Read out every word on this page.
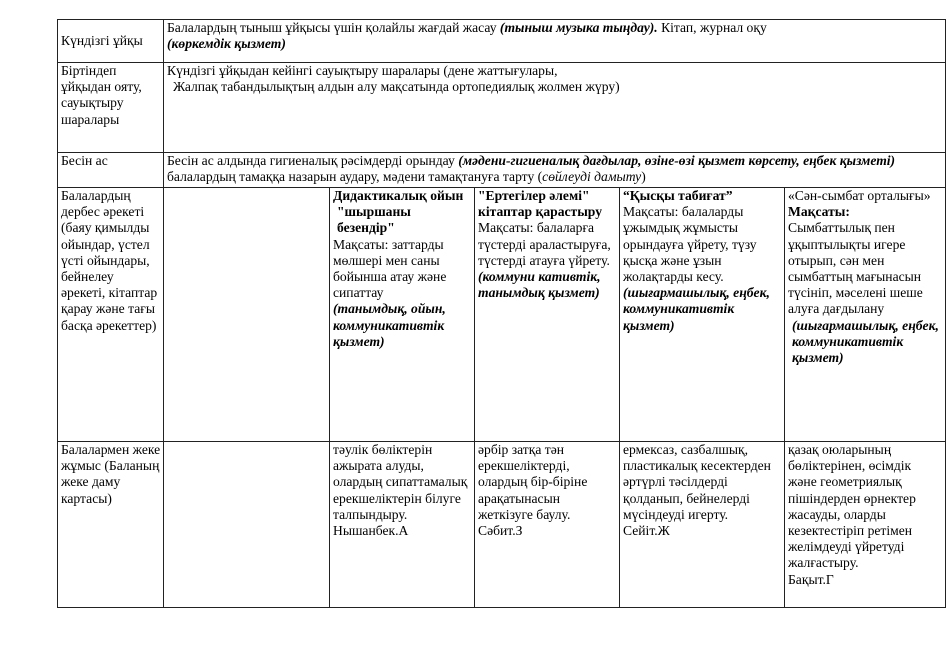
Күндізгі ұйқы	Балалардың тыныш ұйқысы үшін қолайлы жағдай жасау (тыныш музыка тыңдау). Кітап, журнал оқу
(көркемдік қызмет)				

Біртіндеп ұйқыдан ояту, сауықтыру шаралары	Күндізгі ұйқыдан кейінгі сауықтыру шаралары (дене жаттығулары,
Жалпақ табандылықтың алдын алу мақсатында ортопедиялық жолмен жүру)				
Бесін ас	Бесін ас алдында гигиеналық рәсімдерді орындау (мәдени-гигиеналық дағдылар, өзіне-өзі қызмет көрсету, еңбек қызметі) балалардың тамаққа назарын аудару, мәдени тамақтануға тарту (сөйлеуді дамыту)				
Балалардың дербес әрекеті (баяу қимылды ойындар, үстел үсті ойындары, бейнелеу әрекеті, кітаптар қарау және тағы басқа әрекеттер)		Дидактикалық ойын
"шыршаны безендір"
Мақсаты: заттарды мөлшері мен саны бойынша атау және сипаттау
(танымдық, ойын, коммуникативтік қызмет)	"Ертегілер әлемі" кітаптар қарастыру
Мақсаты: балаларға түстерді араластыруға, түстерді атауға үйрету.
(коммуни кативтік, танымдық қызмет)	“Қысқы табиғат”
Мақсаты: балаларды ұжымдық жұмысты орындауға үйрету, түзу қысқа және ұзын жолақтарды кесу.
(шығармашылық, еңбек, коммуникативтік қызмет)	«Сән-сымбат орталығы»
Мақсаты:
Сымбаттылық пен ұқыптылықты игере отырып, сән мен сымбаттың мағынасын түсініп, мәселені шеше алуға дағдылану
(шығармашылық, еңбек, коммуникативтік қызмет)

Балалармен жеке жұмыс (Баланың жеке даму картасы)		тәулік бөліктерін ажырата алуды, олардың сипаттамалық ерекшеліктерін білуге талпындыру.
Нышанбек.А	әрбір затқа тән ерекшеліктерді, олардың бір-біріне арақатынасын жеткізуге баулу.
Сәбит.З	ермексаз, сазбалшық, пластикалық кесектерден әртүрлі тәсілдерді қолданып, бейнелерді мүсіндеуді игерту.
Сейіт.Ж	қазақ оюларының бөліктерінен, өсімдік және геометриялық пішіндерден өрнектер жасауды, оларды кезектестіріп ретімен желімдеуді үйретуді жалғастыру.
Бақыт.Г
